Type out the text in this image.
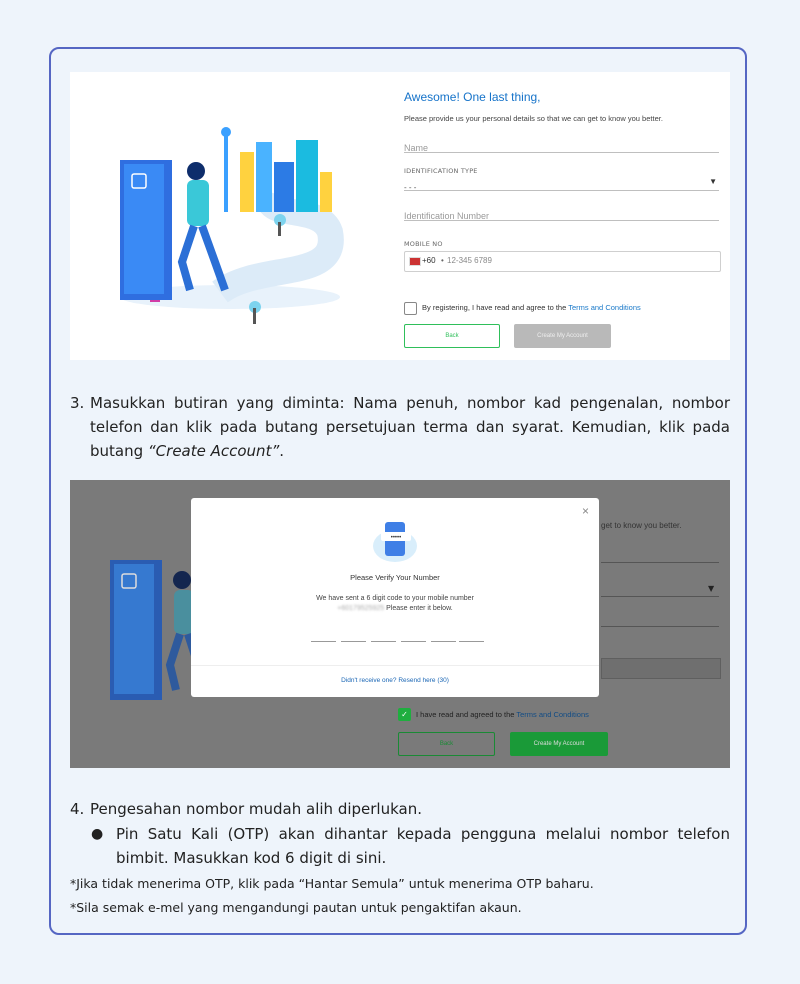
Awesome! One last thing,
Please provide us your personal details so that we can get to know you better.
Name
IDENTIFICATION TYPE
- - -
▼
Identification Number
MOBILE NO
+60 • 12-345 6789
By registering, I have read and agree to the Terms and Conditions
Back	Create My Account
3. Masukkan butiran yang diminta: Nama penuh, nombor kad pengenalan, nombor telefon dan klik pada butang persetujuan terma dan syarat. Kemudian, klik pada butang “Create Account”.
get to know you better.
▼
✓	I have read and agreed to the Terms and Conditions
Back	Create My Account
×
•••••
Please Verify Your Number
We have sent a 6 digit code to your mobile number
+60179525925 Please enter it below.
Didn't receive one? Resend here (30)
4. Pengesahan nombor mudah alih diperlukan.
● Pin Satu Kali (OTP) akan dihantar kepada pengguna melalui nombor telefon bimbit. Masukkan kod 6 digit di sini.
*Jika tidak menerima OTP, klik pada “Hantar Semula” untuk menerima OTP baharu.
*Sila semak e-mel yang mengandungi pautan untuk pengaktifan akaun.
